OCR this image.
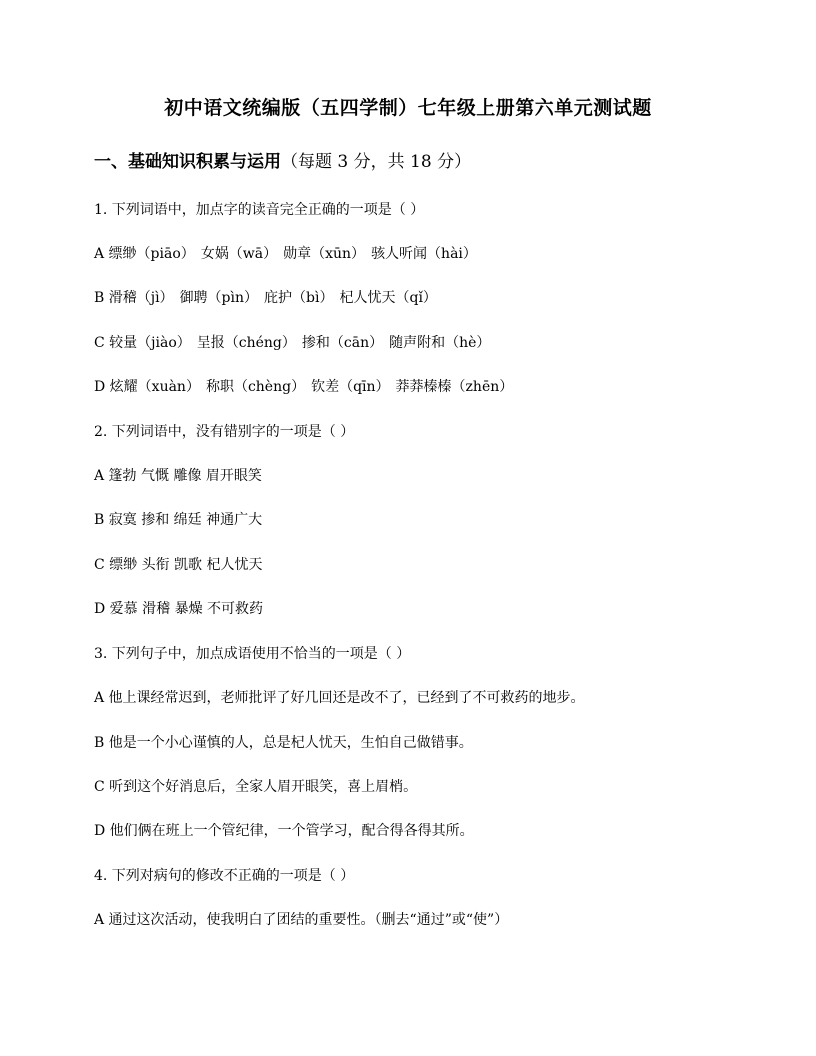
初中语文统编版（五四学制）七年级上册第六单元测试题
一、基础知识积累与运用（每题 3 分，共 18 分）
1. 下列词语中，加点字的读音完全正确的一项是（ ）
A 缥缈（piāo） 女娲（wā） 勋章（xūn） 骇人听闻（hài）
B 滑稽（jì） 御聘（pìn） 庇护（bì） 杞人忧天（qǐ）
C 较量（jiào） 呈报（chéng） 掺和（cān） 随声附和（hè）
D 炫耀（xuàn） 称职（chèng） 钦差（qīn） 莽莽榛榛（zhēn）
2. 下列词语中，没有错别字的一项是（ ）
A 篷勃 气慨 雕像 眉开眼笑
B 寂寞 掺和 绵廷 神通广大
C 缥缈 头衔 凯歌 杞人忧天
D 爱慕 滑稽 暴燥 不可救药
3. 下列句子中，加点成语使用不恰当的一项是（ ）
A 他上课经常迟到，老师批评了好几回还是改不了，已经到了不可救药的地步。
B 他是一个小心谨慎的人，总是杞人忧天，生怕自己做错事。
C 听到这个好消息后，全家人眉开眼笑，喜上眉梢。
D 他们俩在班上一个管纪律，一个管学习，配合得各得其所。
4. 下列对病句的修改不正确的一项是（ ）
A 通过这次活动，使我明白了团结的重要性。（删去“通过”或“使”）
